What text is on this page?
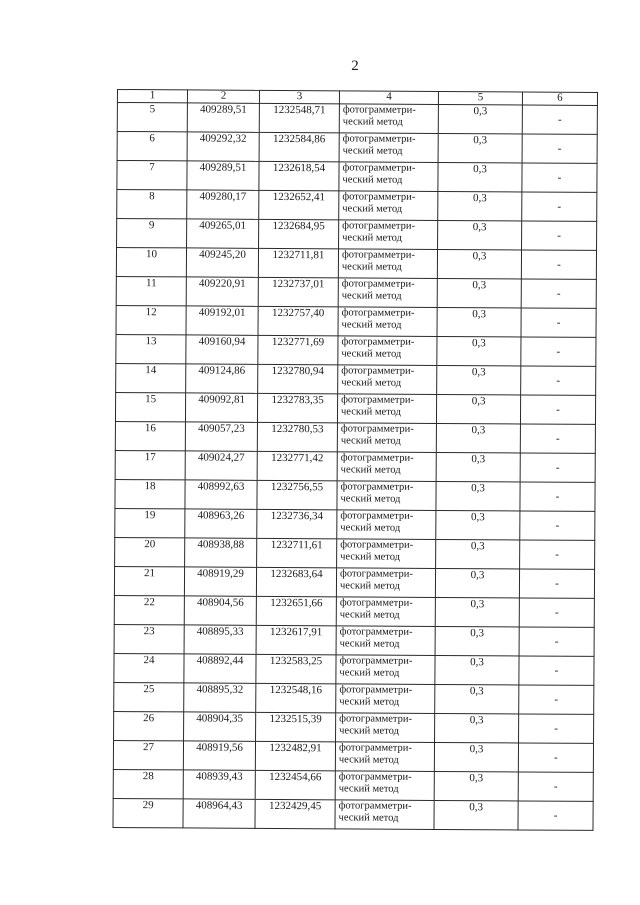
2
1	2	3	4	5	6
5	409289,51	1232548,71	фотограмметри-
ческий метод	0,3	-
6	409292,32	1232584,86	фотограмметри-
ческий метод	0,3	-
7	409289,51	1232618,54	фотограмметри-
ческий метод	0,3	-
8	409280,17	1232652,41	фотограмметри-
ческий метод	0,3	-
9	409265,01	1232684,95	фотограмметри-
ческий метод	0,3	-
10	409245,20	1232711,81	фотограмметри-
ческий метод	0,3	-
11	409220,91	1232737,01	фотограмметри-
ческий метод	0,3	-
12	409192,01	1232757,40	фотограмметри-
ческий метод	0,3	-
13	409160,94	1232771,69	фотограмметри-
ческий метод	0,3	-
14	409124,86	1232780,94	фотограмметри-
ческий метод	0,3	-
15	409092,81	1232783,35	фотограмметри-
ческий метод	0,3	-
16	409057,23	1232780,53	фотограмметри-
ческий метод	0,3	-
17	409024,27	1232771,42	фотограмметри-
ческий метод	0,3	-
18	408992,63	1232756,55	фотограмметри-
ческий метод	0,3	-
19	408963,26	1232736,34	фотограмметри-
ческий метод	0,3	-
20	408938,88	1232711,61	фотограмметри-
ческий метод	0,3	-
21	408919,29	1232683,64	фотограмметри-
ческий метод	0,3	-
22	408904,56	1232651,66	фотограмметри-
ческий метод	0,3	-
23	408895,33	1232617,91	фотограмметри-
ческий метод	0,3	-
24	408892,44	1232583,25	фотограмметри-
ческий метод	0,3	-
25	408895,32	1232548,16	фотограмметри-
ческий метод	0,3	-
26	408904,35	1232515,39	фотограмметри-
ческий метод	0,3	-
27	408919,56	1232482,91	фотограмметри-
ческий метод	0,3	-
28	408939,43	1232454,66	фотограмметри-
ческий метод	0,3	-
29	408964,43	1232429,45	фотограмметри-
ческий метод	0,3	-
